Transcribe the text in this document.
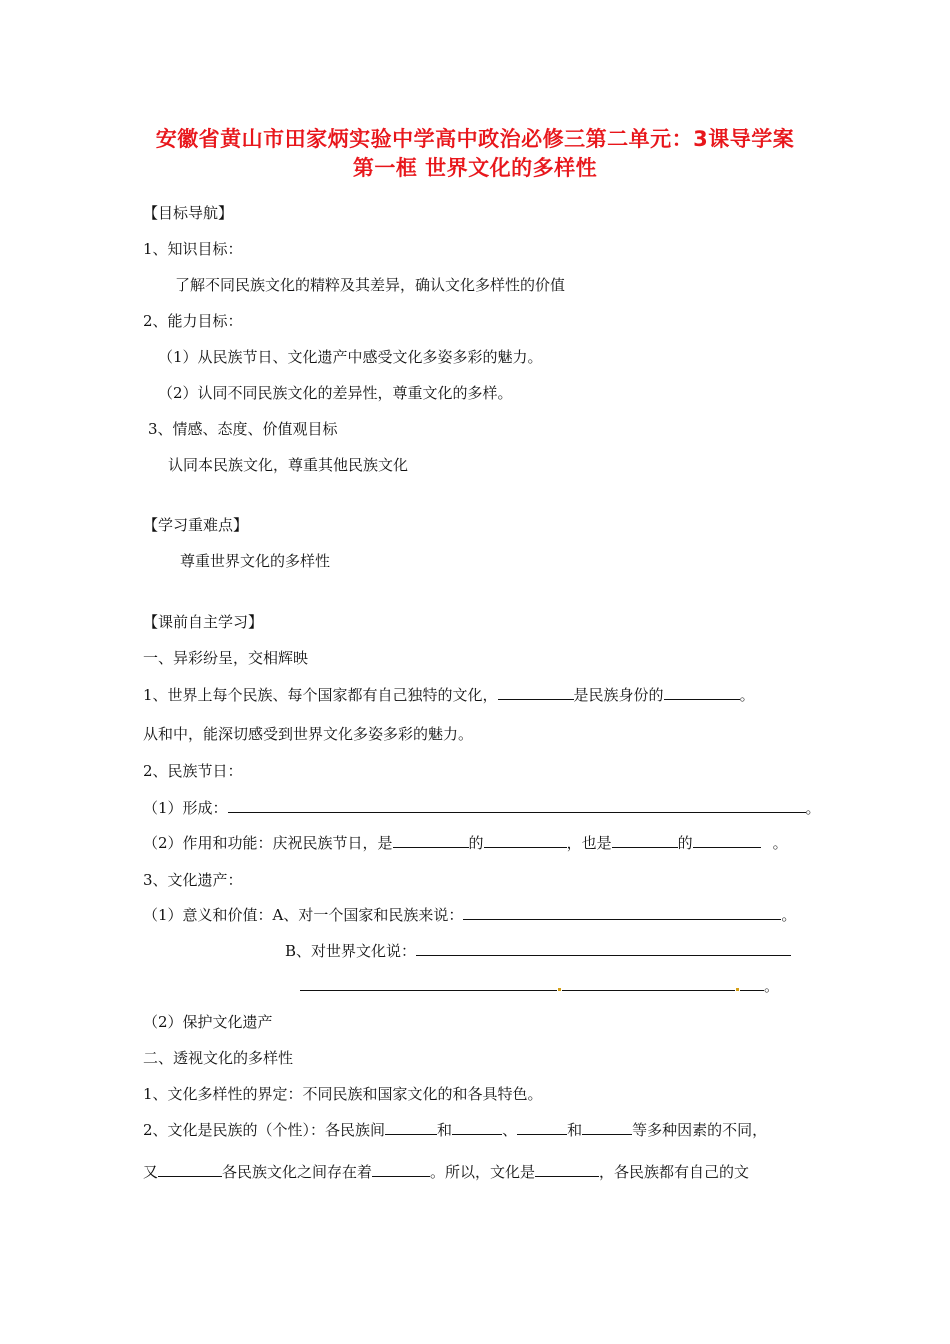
安徽省黄山市田家炳实验中学高中政治必修三第二单元：3课导学案
第一框 世界文化的多样性
【目标导航】
1、知识目标：
了解不同民族文化的精粹及其差异，确认文化多样性的价值
2、能力目标：
（1）从民族节日、文化遗产中感受文化多姿多彩的魅力。
（2）认同不同民族文化的差异性，尊重文化的多样。
3、情感、态度、价值观目标
认同本民族文化，尊重其他民族文化
【学习重难点】
尊重世界文化的多样性
【课前自主学习】
一、异彩纷呈，交相辉映
1、世界上每个民族、每个国家都有自己独特的文化，	是民族身份的	。
从和中，能深切感受到世界文化多姿多彩的魅力。
2、民族节日：
（1）形成：	。
（2）作用和功能：庆祝民族节日，是	的	，也是	的	。
3、文化遗产：
（1）意义和价值：A、对一个国家和民族来说：	。
B、对世界文化说：
。
（2）保护文化遗产
二、透视文化的多样性
1、文化多样性的界定：不同民族和国家文化的和各具特色。
2、文化是民族的（个性）：各民族间	和	、	和	等多种因素的不同，
又	各民族文化之间存在着	。所以，文化是	，各民族都有自己的文
